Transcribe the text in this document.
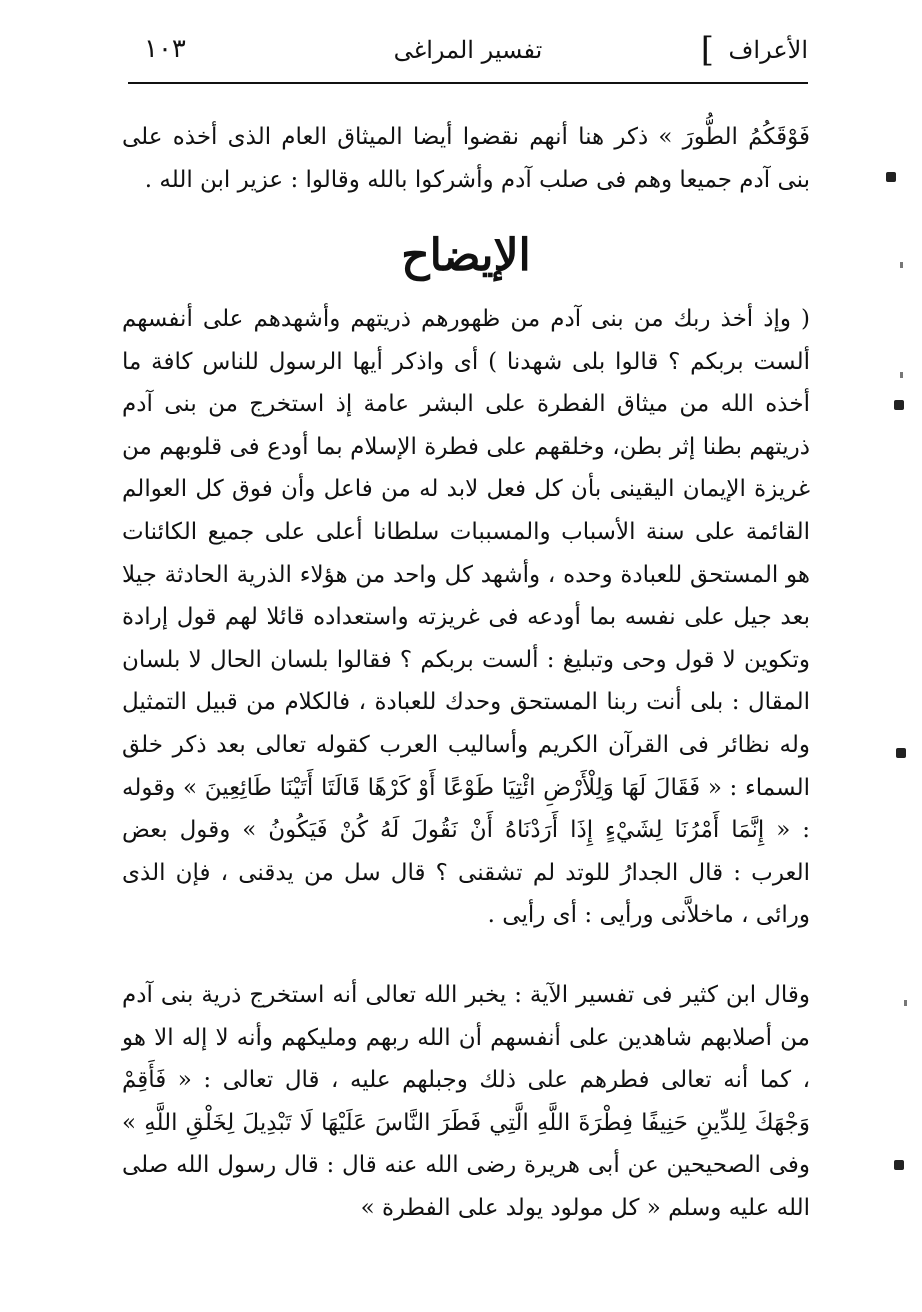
الأعراف
]
تفسير المراغى
١٠٣

فَوْقَكُمُ الطُّورَ » ذكر هنا أنهم نقضوا أيضا الميثاق العام الذى أخذه على بنى آدم جميعا وهم فى صلب آدم وأشركوا بالله وقالوا : عزير ابن الله .

الإيضاح

( وإذ أخذ ربك من بنى آدم من ظهورهم ذريتهم وأشهدهم على أنفسهم ألست بربكم ؟ قالوا بلى شهدنا ) أى واذكر أيها الرسول للناس كافة ما أخذه الله من ميثاق الفطرة على البشر عامة إذ استخرج من بنى آدم ذريتهم بطنا إثر بطن، وخلقهم على فطرة الإسلام بما أودع فى قلوبهم من غريزة الإيمان اليقينى بأن كل فعل لابد له من فاعل وأن فوق كل العوالم القائمة على سنة الأسباب والمسببات سلطانا أعلى على جميع الكائنات هو المستحق للعبادة وحده ، وأشهد كل واحد من هؤلاء الذرية الحادثة جيلا بعد جيل على نفسه بما أودعه فى غريزته واستعداده قائلا لهم قول إرادة وتكوين لا قول وحى وتبليغ : ألست بربكم ؟ فقالوا بلسان الحال لا بلسان المقال : بلى أنت ربنا المستحق وحدك للعبادة ، فالكلام من قبيل التمثيل وله نظائر فى القرآن الكريم وأساليب العرب كقوله تعالى بعد ذكر خلق السماء : « فَقَالَ لَهَا وَلِلْأَرْضِ ائْتِيَا طَوْعًا أَوْ كَرْهًا قَالَتَا أَتَيْنَا طَائِعِينَ » وقوله : « إِنَّمَا أَمْرُنَا لِشَيْءٍ إِذَا أَرَدْنَاهُ أَنْ نَقُولَ لَهُ كُنْ فَيَكُونُ » وقول بعض العرب : قال الجدارُ للوتد لم تشقنى ؟ قال سل من يدقنى ، فإن الذى ورائى ، ماخلاَّنى ورأيى : أى رأيى .

وقال ابن كثير فى تفسير الآية : يخبر الله تعالى أنه استخرج ذرية بنى آدم من أصلابهم شاهدين على أنفسهم أن الله ربهم ومليكهم وأنه لا إله الا هو ، كما أنه تعالى فطرهم على ذلك وجبلهم عليه ، قال تعالى : « فَأَقِمْ وَجْهَكَ لِلدِّينِ حَنِيفًا فِطْرَةَ اللَّهِ الَّتِي فَطَرَ النَّاسَ عَلَيْهَا لَا تَبْدِيلَ لِخَلْقِ اللَّهِ » وفى الصحيحين عن أبى هريرة رضى الله عنه قال : قال رسول الله صلى الله عليه وسلم « كل مولود يولد على الفطرة »
